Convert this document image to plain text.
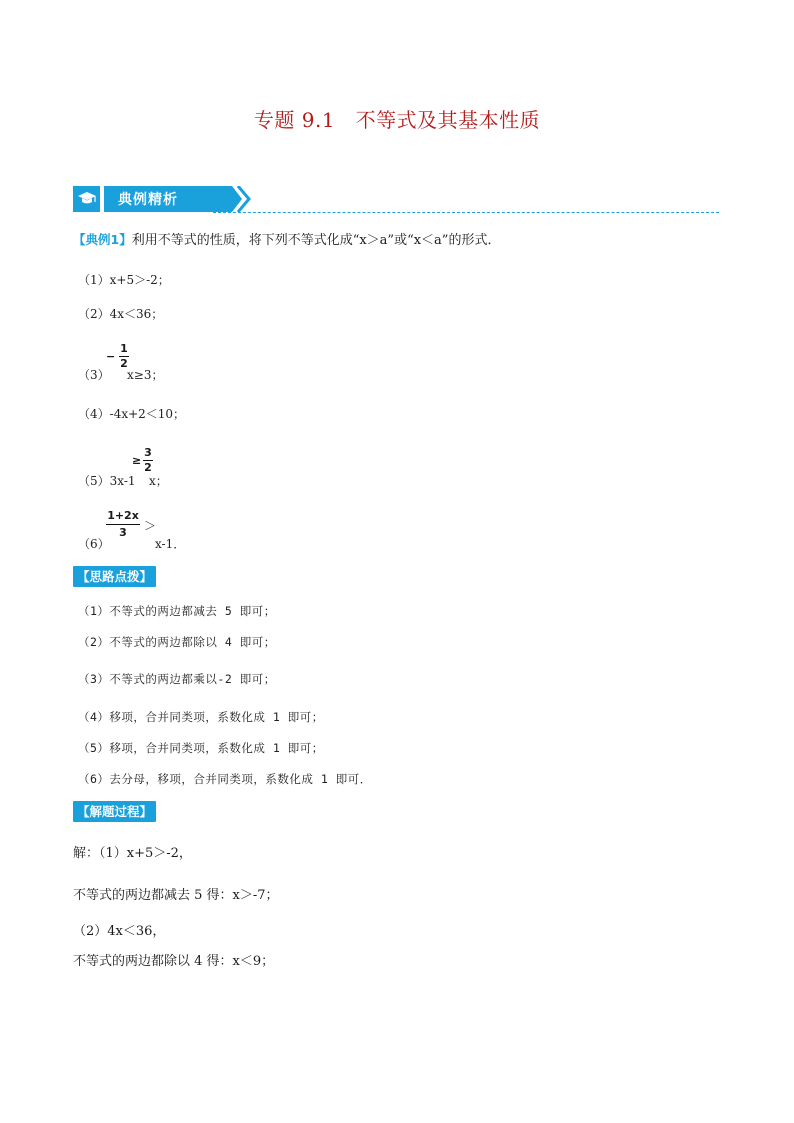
专题 9.1　不等式及其基本性质
典例精析
【典例1】利用不等式的性质，将下列不等式化成“x＞a”或“x＜a”的形式．
（1）x+5＞-2；
（2）4x＜36；
（3）
−
1
2
x≥3；
（4）-4x+2＜10；
（5）3x-1
≥
3
2
x；
（6）
1+2x
3	＞
x-1．
【思路点拨】
（1）不等式的两边都减去 5 即可；
（2）不等式的两边都除以 4 即可；
（3）不等式的两边都乘以-2 即可；
（4）移项，合并同类项，系数化成 1 即可；
（5）移项，合并同类项，系数化成 1 即可；
（6）去分母，移项，合并同类项，系数化成 1 即可．
【解题过程】
解：（1）x+5＞-2，
不等式的两边都减去 5 得：x＞-7；
（2）4x＜36，
不等式的两边都除以 4 得：x＜9；
